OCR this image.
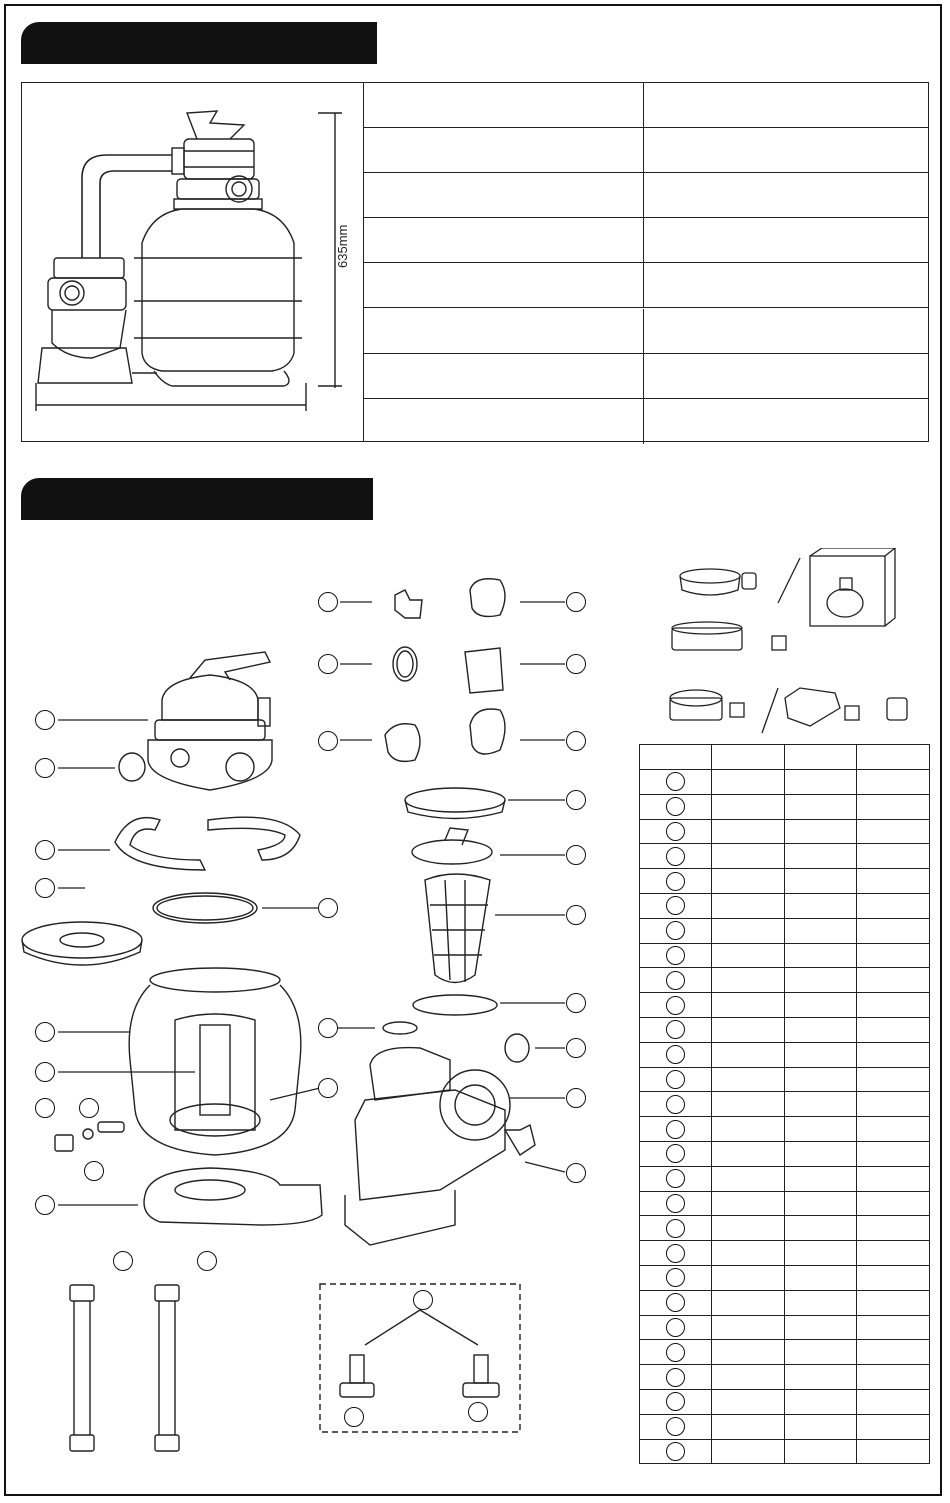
635mm
